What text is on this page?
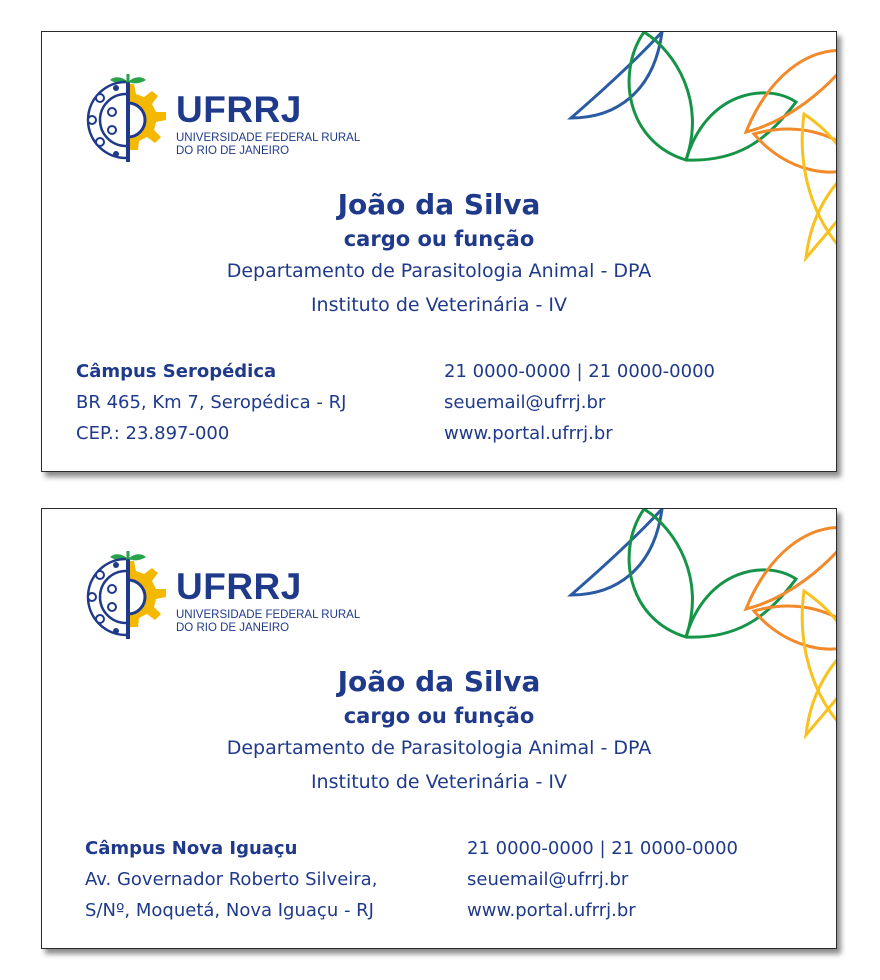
UFRRJ
UNIVERSIDADE FEDERAL RURAL
DO RIO DE JANEIRO
João da Silva
cargo ou função
Departamento de Parasitologia Animal - DPA
Instituto de Veterinária - IV
Câmpus Seropédica
BR 465, Km 7, Seropédica - RJ
CEP.: 23.897-000
21 0000-0000 | 21 0000-0000
seuemail@ufrrj.br
www.portal.ufrrj.br
UFRRJ
UNIVERSIDADE FEDERAL RURAL
DO RIO DE JANEIRO
João da Silva
cargo ou função
Departamento de Parasitologia Animal - DPA
Instituto de Veterinária - IV
Câmpus Nova Iguaçu
Av. Governador Roberto Silveira,
S/Nº, Moquetá, Nova Iguaçu - RJ
21 0000-0000 | 21 0000-0000
seuemail@ufrrj.br
www.portal.ufrrj.br
